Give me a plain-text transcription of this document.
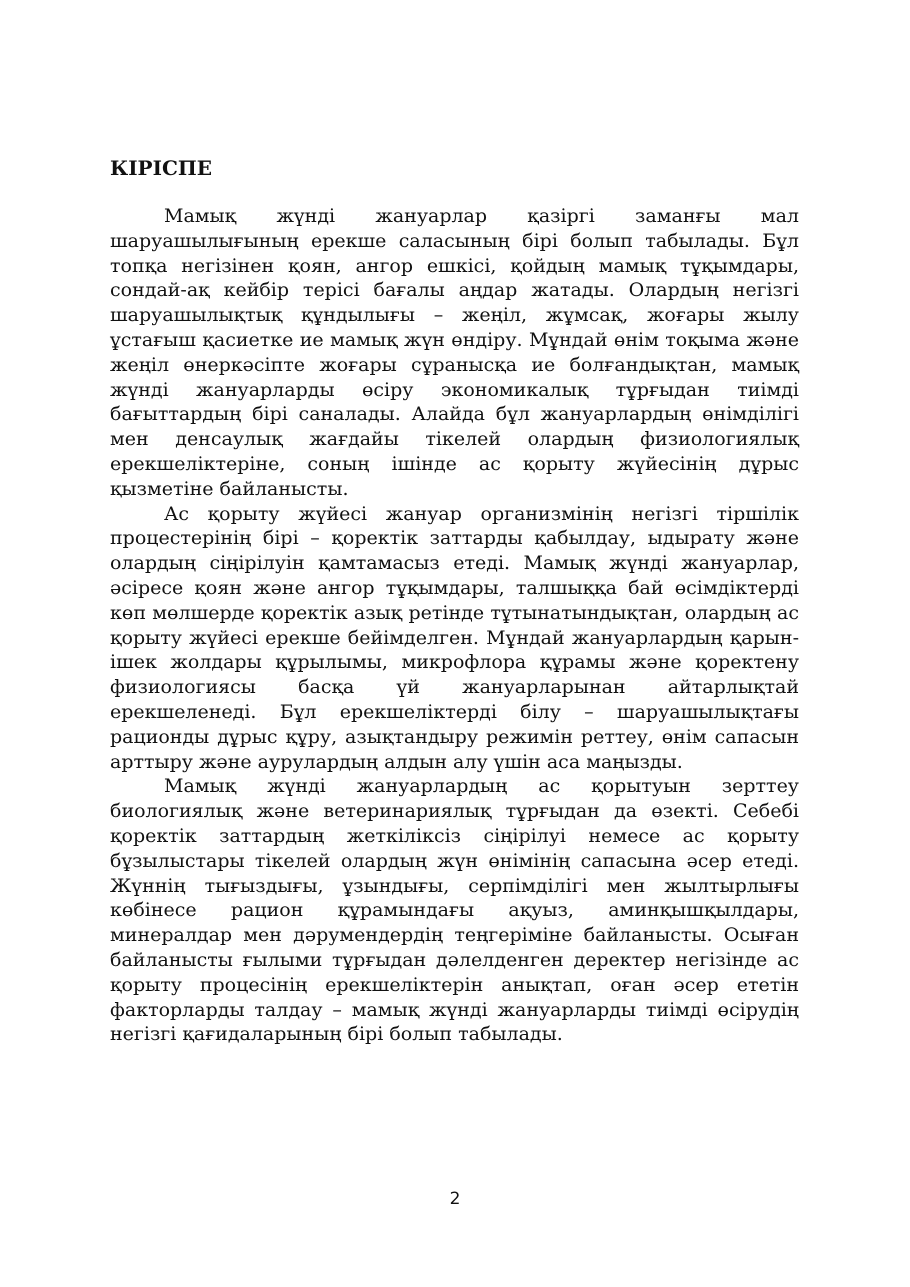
КІРІСПЕ

Мамық жүнді жануарлар қазіргі заманғы мал шаруашылығының ерекше саласының бірі болып табылады. Бұл топқа негізінен қоян, ангор ешкісі, қойдың мамық тұқымдары, сондай-ақ кейбір терісі бағалы аңдар жатады. Олардың негізгі шаруашылықтық құндылығы – жеңіл, жұмсақ, жоғары жылу ұстағыш қасиетке ие мамық жүн өндіру. Мұндай өнім тоқыма және жеңіл өнеркәсіпте жоғары сұранысқа ие болғандықтан, мамық жүнді жануарларды өсіру экономикалық тұрғыдан тиімді бағыттардың бірі саналады. Алайда бұл жануарлардың өнімділігі мен денсаулық жағдайы тікелей олардың физиологиялық ерекшеліктеріне, соның ішінде ас қорыту жүйесінің дұрыс қызметіне байланысты.

Ас қорыту жүйесі жануар организмінің негізгі тіршілік процестерінің бірі – қоректік заттарды қабылдау, ыдырату және олардың сіңірілуін қамтамасыз етеді. Мамық жүнді жануарлар, әсіресе қоян және ангор тұқымдары, талшыққа бай өсімдіктерді көп мөлшерде қоректік азық ретінде тұтынатындықтан, олардың ас қорыту жүйесі ерекше бейімделген. Мұндай жануарлардың қарын-ішек жолдары құрылымы, микрофлора құрамы және қоректену физиологиясы басқа үй жануарларынан айтарлықтай ерекшеленеді. Бұл ерекшеліктерді білу – шаруашылықтағы рационды дұрыс құру, азықтандыру режимін реттеу, өнім сапасын арттыру және аурулардың алдын алу үшін аса маңызды.

Мамық жүнді жануарлардың ас қорытуын зерттеу биологиялық және ветеринариялық тұрғыдан да өзекті. Себебі қоректік заттардың жеткіліксіз сіңірілуі немесе ас қорыту бұзылыстары тікелей олардың жүн өнімінің сапасына әсер етеді. Жүннің тығыздығы, ұзындығы, серпімділігі мен жылтырлығы көбінесе рацион құрамындағы ақуыз, аминқышқылдары, минералдар мен дәрумендердің теңгеріміне байланысты. Осыған байланысты ғылыми тұрғыдан дәлелденген деректер негізінде ас қорыту процесінің ерекшеліктерін анықтап, оған әсер ететін факторларды талдау – мамық жүнді жануарларды тиімді өсірудің негізгі қағидаларының бірі болып табылады.

2
